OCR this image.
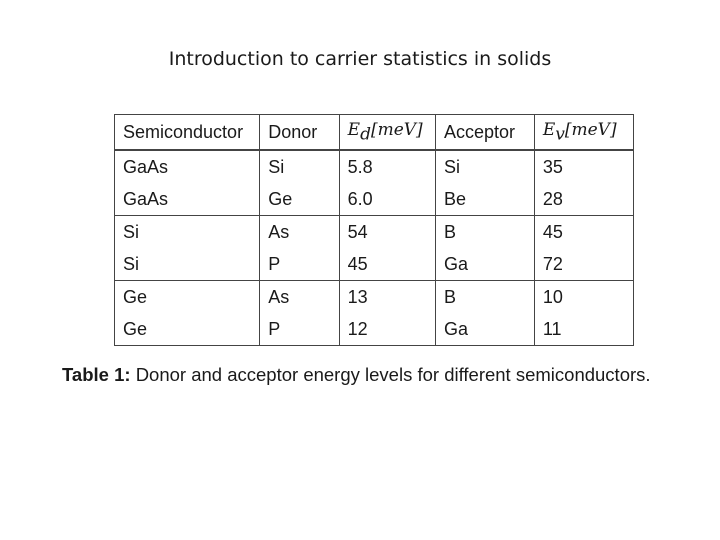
Introduction to carrier statistics in solids
Semiconductor	Donor	$E_d[meV]$	Acceptor	$E_v[meV]$
GaAs	Si	5.8	Si	35
GaAs	Ge	6.0	Be	28
Si	As	54	B	45
Si	P	45	Ga	72
Ge	As	13	B	10
Ge	P	12	Ga	11
Table 1: Donor and acceptor energy levels for different semiconductors.
